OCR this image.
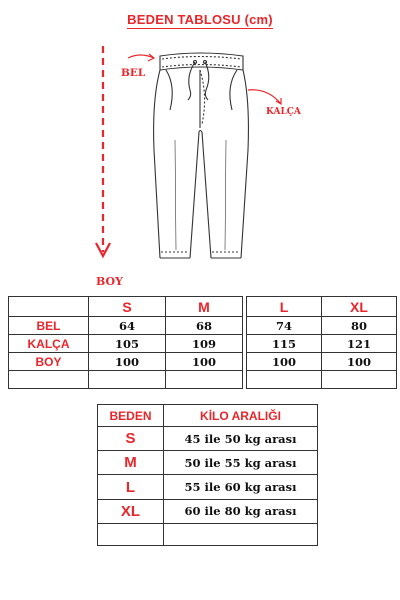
BEDEN TABLOSU (cm)
BEL
KALÇA
BOY
	S	M		L	XL
BEL	64	68		74	80
KALÇA	105	109		115	121
BOY	100	100		100	100

BEDEN	KİLO ARALIĞI
S	45 ile 50 kg arası
M	50 ile 55 kg arası
L	55 ile 60 kg arası
XL	60 ile 80 kg arası
